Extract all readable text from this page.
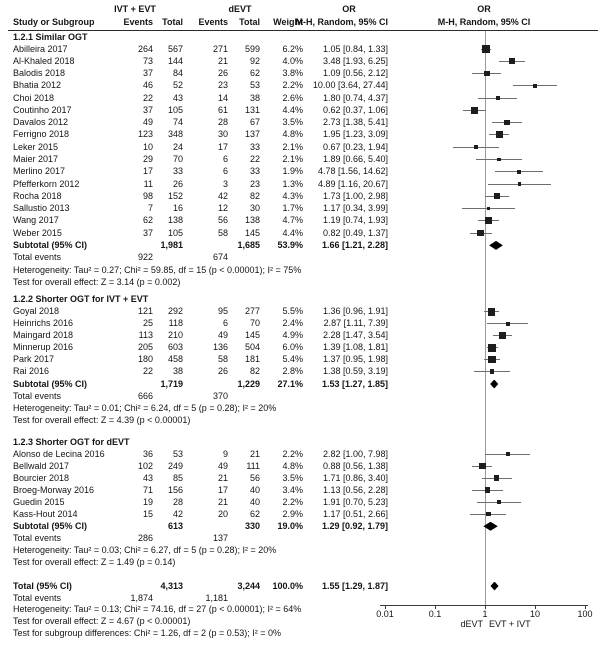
IVT + EVT	dEVT	OR	OR
Study or Subgroup	Events	Total	Events	Total	Weight
M-H, Random, 95% CI	M-H, Random, 95% CI
0.01	0.1	1	10	100
dEVT EVT + IVT
1.2.1 Similar OGT
Abilleira 2017	264	567	271	599	6.2%	1.05 [0.84, 1.33]
Al-Khaled 2018	73	144	21	92	4.0%	3.48 [1.93, 6.25]
Balodis 2018	37	84	26	62	3.8%	1.09 [0.56, 2.12]
Bhatia 2012	46	52	23	53	2.2%	10.00 [3.64, 27.44]
Choi 2018	22	43	14	38	2.6%	1.80 [0.74, 4.37]
Coutinho 2017	37	105	61	131	4.4%	0.62 [0.37, 1.06]
Davalos 2012	49	74	28	67	3.5%	2.73 [1.38, 5.41]
Ferrigno 2018	123	348	30	137	4.8%	1.95 [1.23, 3.09]
Leker 2015	10	24	17	33	2.1%	0.67 [0.23, 1.94]
Maier 2017	29	70	6	22	2.1%	1.89 [0.66, 5.40]
Merlino 2017	17	33	6	33	1.9%	4.78 [1.56, 14.62]
Pfefferkorn 2012	11	26	3	23	1.3%	4.89 [1.16, 20.67]
Rocha 2018	98	152	42	82	4.3%	1.73 [1.00, 2.98]
Sallustio 2013	7	16	12	30	1.7%	1.17 [0.34, 3.99]
Wang 2017	62	138	56	138	4.7%	1.19 [0.74, 1.93]
Weber 2015	37	105	58	145	4.4%	0.82 [0.49, 1.37]
Subtotal (95% CI)	1,981	1,685	53.9%	1.66 [1.21, 2.28]
Total events	922	674
Heterogeneity: Tau² = 0.27; Chi² = 59.85, df = 15 (p < 0.00001); I² = 75%
Test for overall effect: Z = 3.14 (p = 0.002)
1.2.2 Shorter OGT for IVT + EVT
Goyal 2018	121	292	95	277	5.5%	1.36 [0.96, 1.91]
Heinrichs 2016	25	118	6	70	2.4%	2.87 [1.11, 7.39]
Maingard 2018	113	210	49	145	4.9%	2.28 [1.47, 3.54]
Minnerup 2016	205	603	136	504	6.0%	1.39 [1.08, 1.81]
Park 2017	180	458	58	181	5.4%	1.37 [0.95, 1.98]
Rai 2016	22	38	26	82	2.8%	1.38 [0.59, 3.19]
Subtotal (95% CI)	1,719	1,229	27.1%	1.53 [1.27, 1.85]
Total events	666	370
Heterogeneity: Tau² = 0.01; Chi² = 6.24, df = 5 (p = 0.28); I² = 20%
Test for overall effect: Z = 4.39 (p < 0.00001)
1.2.3 Shorter OGT for dEVT
Alonso de Lecina 2016	36	53	9	21	2.2%	2.82 [1.00, 7.98]
Bellwald 2017	102	249	49	111	4.8%	0.88 [0.56, 1.38]
Bourcier 2018	43	85	21	56	3.5%	1.71 [0.86, 3.40]
Broeg-Morway 2016	71	156	17	40	3.4%	1.13 [0.56, 2.28]
Guedin 2015	19	28	21	40	2.2%	1.91 [0.70, 5.23]
Kass-Hout 2014	15	42	20	62	2.9%	1.17 [0.51, 2.66]
Subtotal (95% CI)	613	330	19.0%	1.29 [0.92, 1.79]
Total events	286	137
Heterogeneity: Tau² = 0.03; Chi² = 6.27, df = 5 (p = 0.28); I² = 20%
Test for overall effect: Z = 1.49 (p = 0.14)
Total (95% CI)	4,313	3,244	100.0%	1.55 [1.29, 1.87]
Total events	1,874	1,181
Heterogeneity: Tau² = 0.13; Chi² = 74.16, df = 27 (p < 0.00001); I² = 64%
Test for overall effect: Z = 4.67 (p < 0.00001)
Test for subgroup differences: Chi² = 1.26, df = 2 (p = 0.53); I² = 0%
